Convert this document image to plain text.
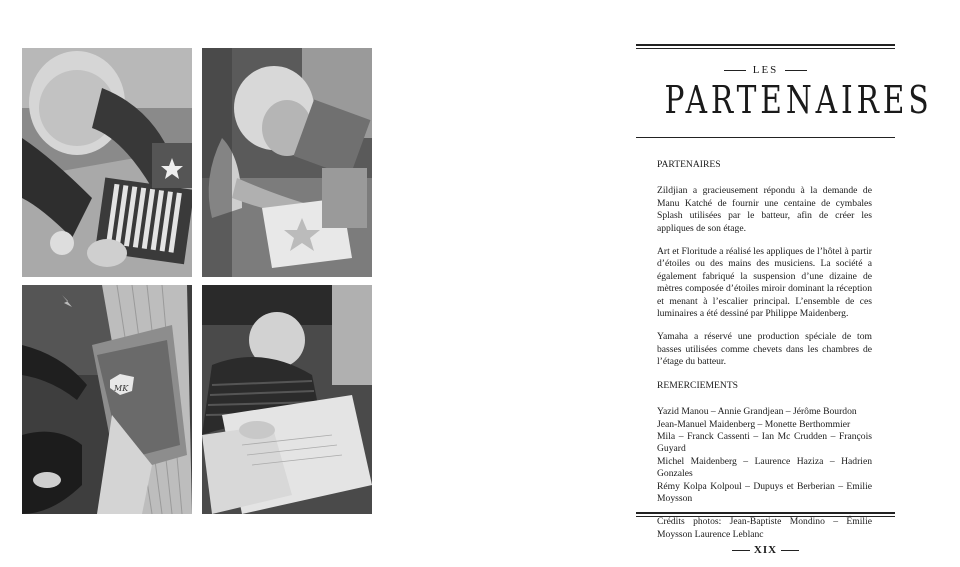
MK
LES
PARTENAIRES

PARTENAIRES

Zildjian a gracieusement répondu à la demande de Manu Katché de fournir une centaine de cymbales Splash utilisées par le batteur, afin de créer les appliques de son étage.

Art et Floritude a réalisé les appliques de l’hôtel à partir d’étoiles ou des mains des musiciens. La société a également fabriqué la suspension d’une dizaine de mètres composée d’étoiles miroir dominant la réception et menant à l’escalier principal. L’ensemble de ces luminaires a été dessiné par Philippe Maidenberg.

Yamaha a réservé une production spéciale de tom basses utilisées comme chevets dans les chambres de l’étage du batteur.

REMERCIEMENTS

Yazid Manou – Annie Grandjean – Jérôme Bourdon
Jean-Manuel Maidenberg – Monette Berthommier
Mila – Franck Cassenti – Ian Mc Crudden – François Guyard
Michel Maidenberg – Laurence Haziza – Hadrien Gonzales
Rémy Kolpa Kolpoul – Dupuys et Berberian – Emilie Moysson

Crédits photos: Jean-Baptiste Mondino – Émilie Moysson Laurence Leblanc

XIX
